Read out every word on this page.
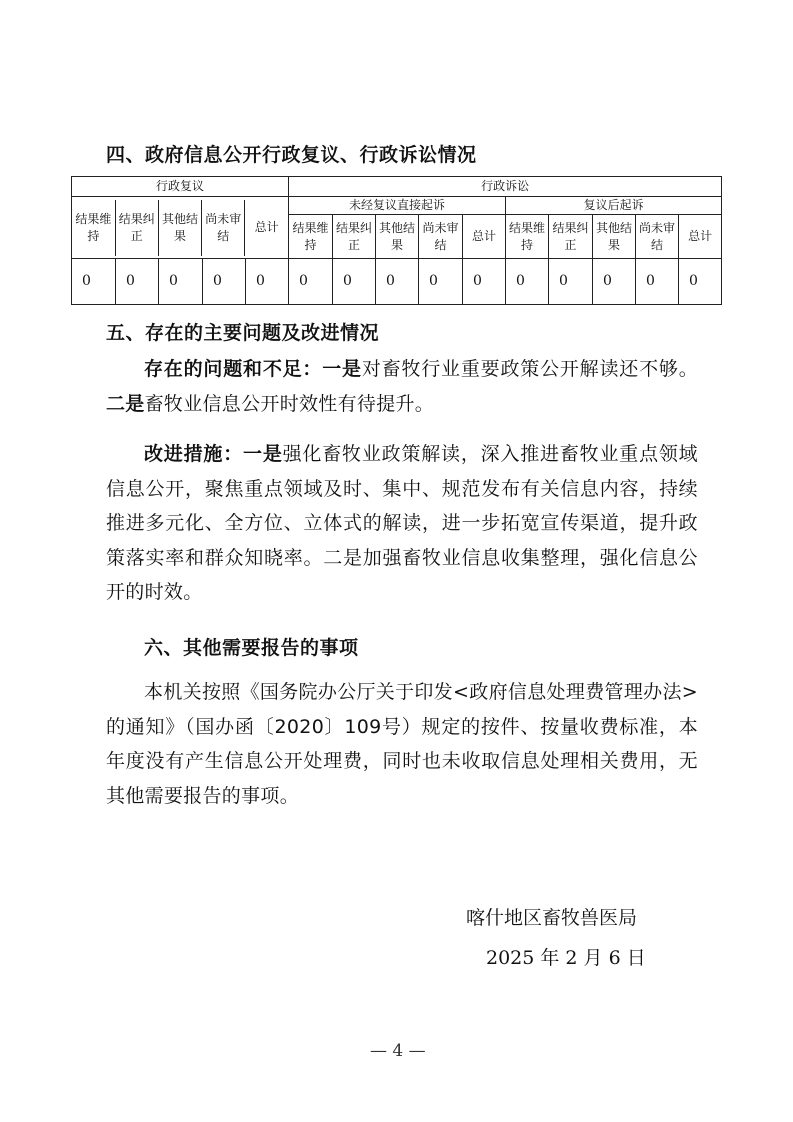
四、政府信息公开行政复议、行政诉讼情况
行政复议	行政诉讼

结果维持	结果纠正	其他结果	尚未审结	总计
	未经复议直接起诉	复议后起诉
结果维持	结果纠正	其他结果	尚未审结	总计	结果维持	结果纠正	其他结果	尚未审结	总计
0	0	0	0	0	0	0	0	0	0	0	0	0	0	0
五、存在的主要问题及改进情况
存在的问题和不足：一是对畜牧行业重要政策公开解读还不够。二是畜牧业信息公开时效性有待提升。
改进措施：一是强化畜牧业政策解读，深入推进畜牧业重点领域信息公开，聚焦重点领域及时、集中、规范发布有关信息内容，持续推进多元化、全方位、立体式的解读，进一步拓宽宣传渠道，提升政策落实率和群众知晓率。二是加强畜牧业信息收集整理，强化信息公开的时效。
六、其他需要报告的事项
本机关按照《国务院办公厅关于印发<政府信息处理费管理办法>的通知》（国办函〔2020〕109号）规定的按件、按量收费标准，本年度没有产生信息公开处理费，同时也未收取信息处理相关费用，无其他需要报告的事项。
喀什地区畜牧兽医局
2025 年 2 月 6 日
— 4 —
